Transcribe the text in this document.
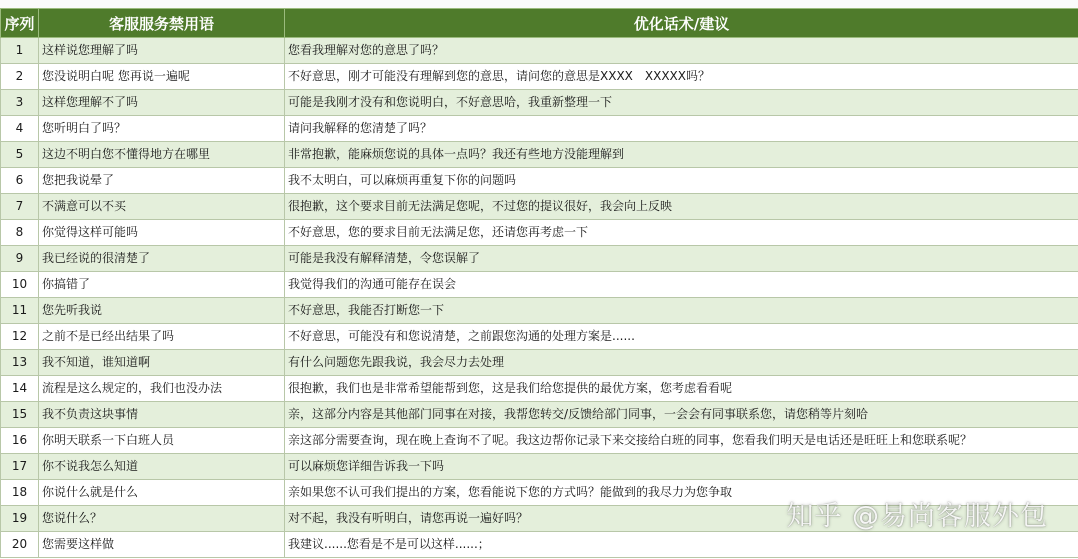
序列	客服服务禁用语	优化话术/建议
1	这样说您理解了吗	您看我理解对您的意思了吗？
2	您没说明白呢 您再说一遍呢	不好意思，刚才可能没有理解到您的意思，请问您的意思是XXXX　XXXXX吗？
3	这样您理解不了吗	可能是我刚才没有和您说明白，不好意思哈，我重新整理一下
4	您听明白了吗？	请问我解释的您清楚了吗？
5	这边不明白您不懂得地方在哪里	非常抱歉，能麻烦您说的具体一点吗？我还有些地方没能理解到
6	您把我说晕了	我不太明白，可以麻烦再重复下你的问题吗
7	不满意可以不买	很抱歉，这个要求目前无法满足您呢，不过您的提议很好，我会向上反映
8	你觉得这样可能吗	不好意思，您的要求目前无法满足您，还请您再考虑一下
9	我已经说的很清楚了	可能是我没有解释清楚，令您误解了
10	你搞错了	我觉得我们的沟通可能存在误会
11	您先听我说	不好意思，我能否打断您一下
12	之前不是已经出结果了吗	不好意思，可能没有和您说清楚，之前跟您沟通的处理方案是......
13	我不知道，谁知道啊	有什么问题您先跟我说，我会尽力去处理
14	流程是这么规定的，我们也没办法	很抱歉，我们也是非常希望能帮到您，这是我们给您提供的最优方案，您考虑看看呢
15	我不负责这块事情	亲，这部分内容是其他部门同事在对接，我帮您转交/反馈给部门同事，一会会有同事联系您，请您稍等片刻哈
16	你明天联系一下白班人员	亲这部分需要查询，现在晚上查询不了呢。我这边帮你记录下来交接给白班的同事，您看我们明天是电话还是旺旺上和您联系呢？
17	你不说我怎么知道	可以麻烦您详细告诉我一下吗
18	你说什么就是什么	亲如果您不认可我们提出的方案，您看能说下您的方式吗？能做到的我尽力为您争取
19	您说什么？	对不起，我没有听明白，请您再说一遍好吗？
20	您需要这样做	我建议......您看是不是可以这样......；
知乎 @易尚客服外包
